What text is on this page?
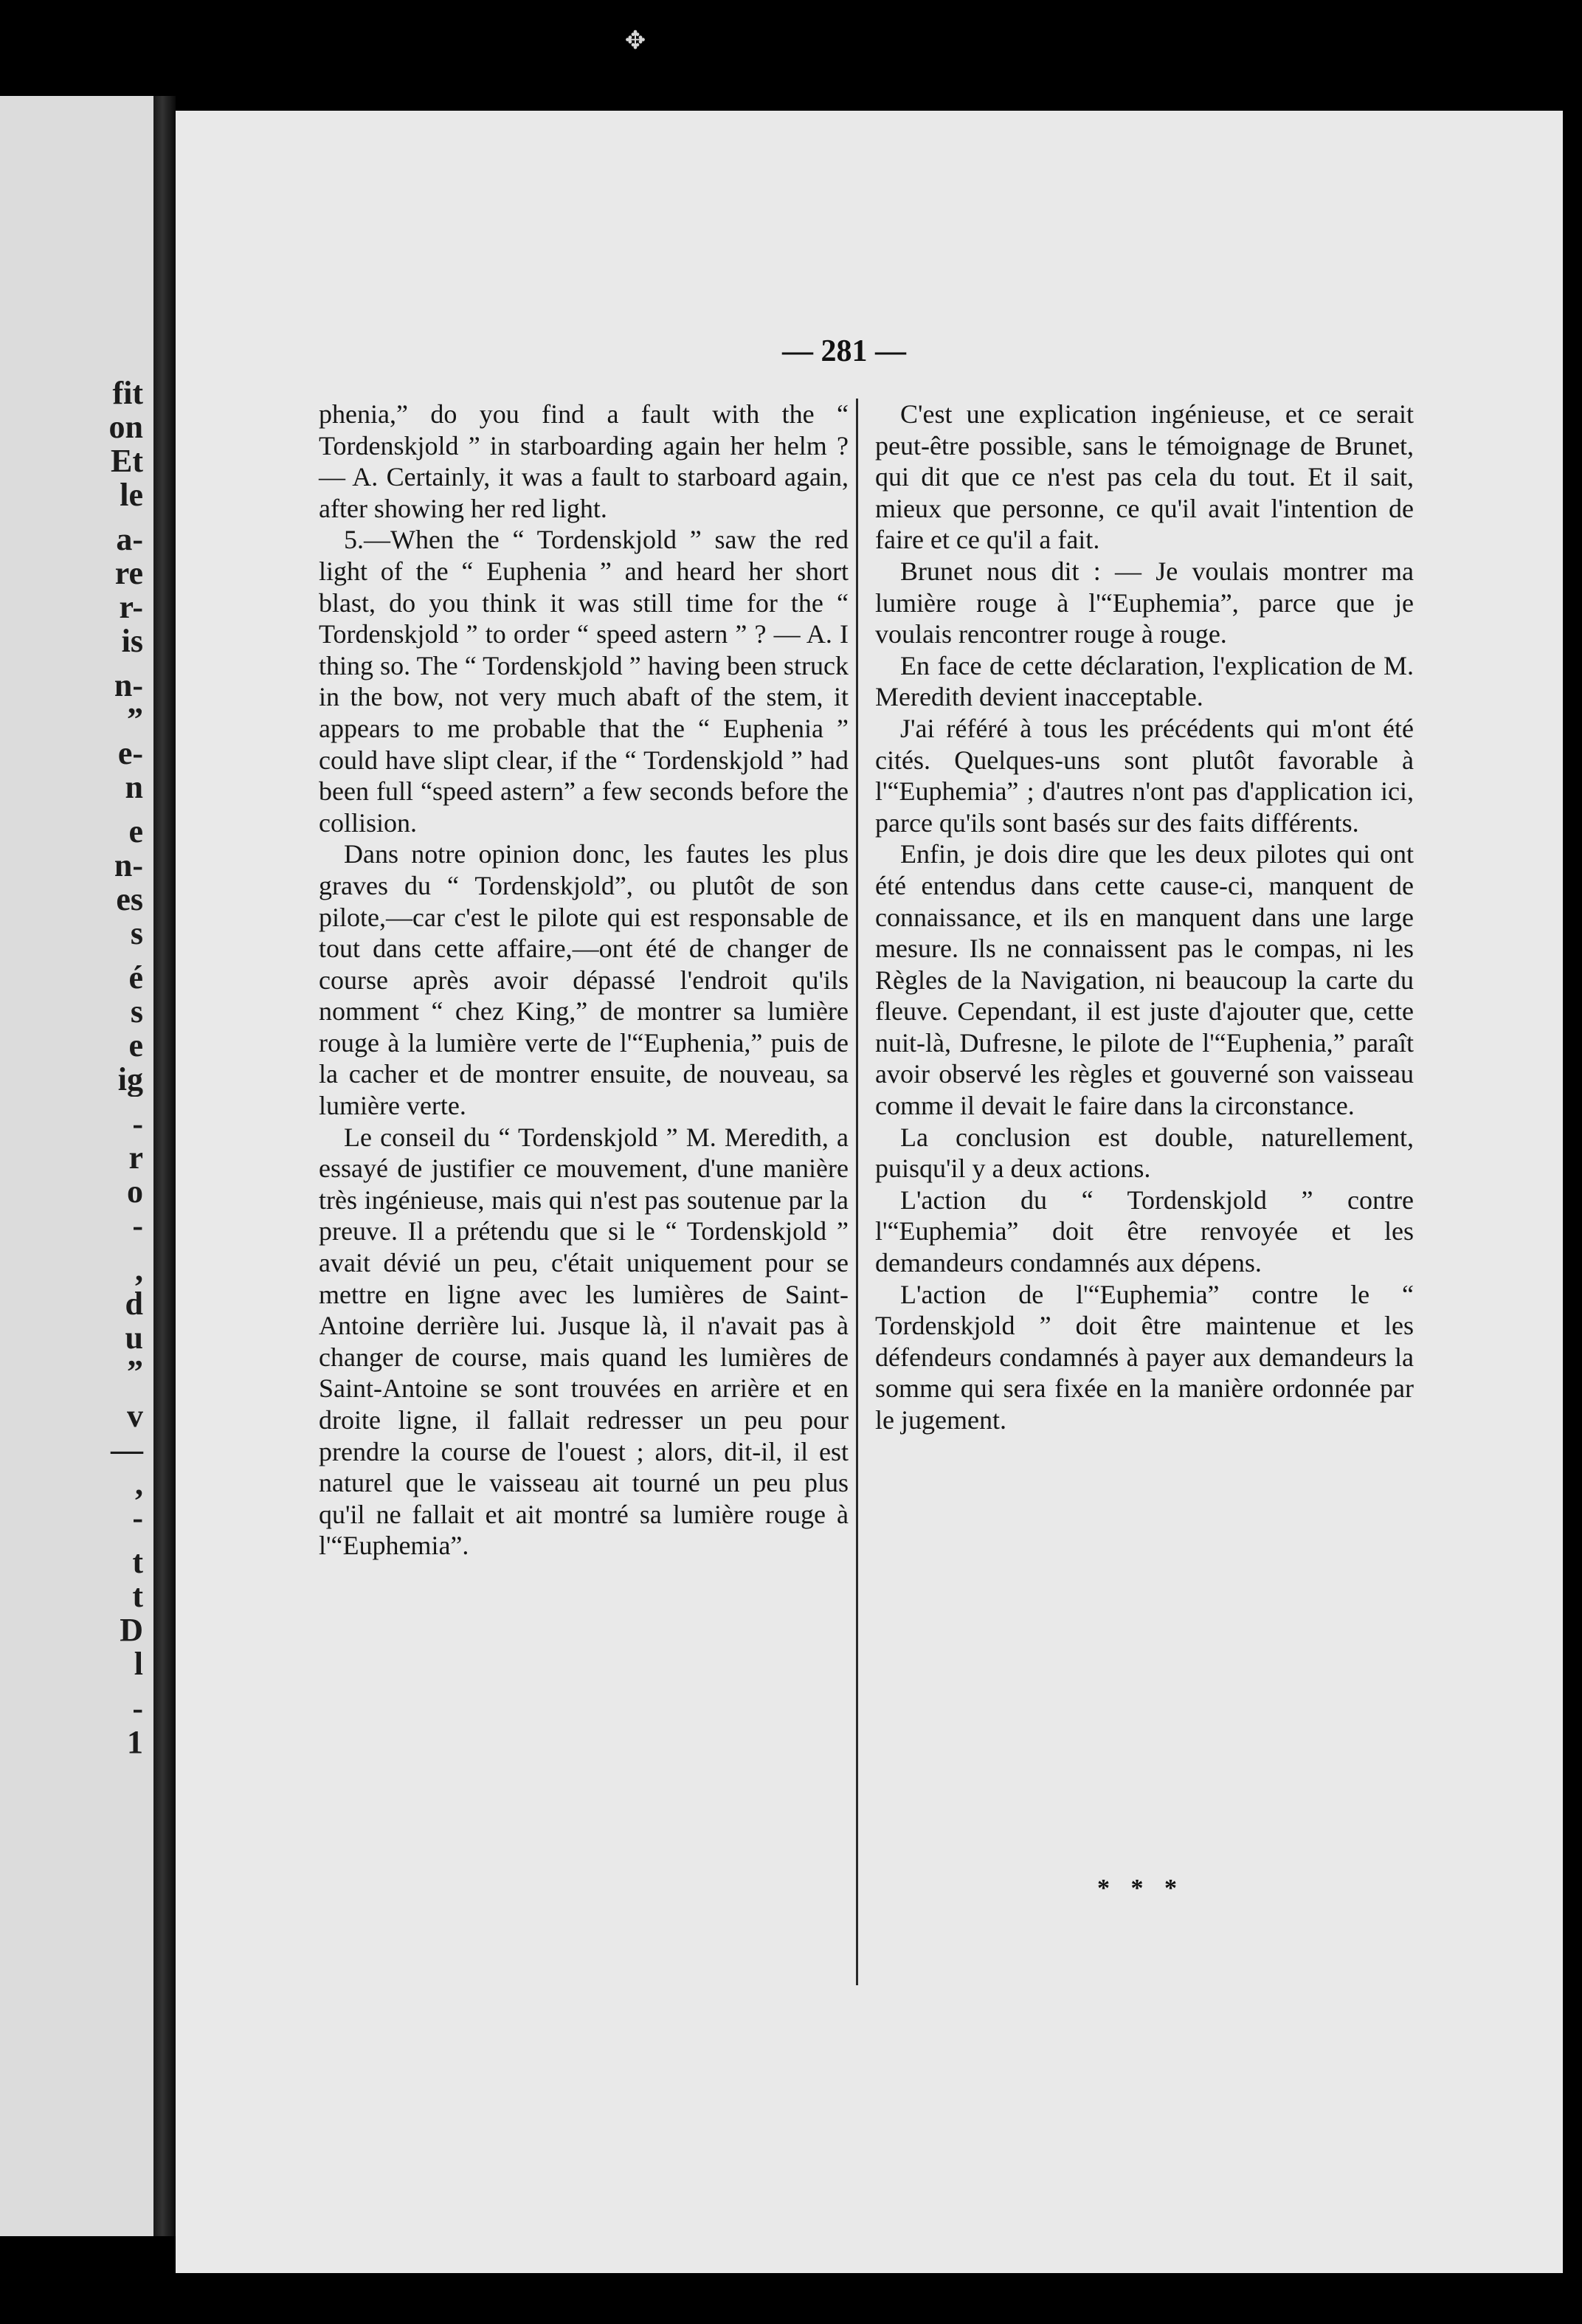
✥
fit
on
Et
le
a-
re
r-
is
n-
”
e-
n
e
n-
es
s
é
s
e
ig
-
r
o
-
,
d
u
”
v
—
,
-
t
t
D
l
-
1
— 281 —

phenia,” do you find a fault with the “ Tordenskjold ” in starboarding again her helm ? — A. Certainly, it was a fault to starboard again, after showing her red light.

5.—When the “ Tordenskjold ” saw the red light of the “ Euphenia ” and heard her short blast, do you think it was still time for the “ Tordenskjold ” to order “ speed astern ” ? — A. I thing so. The “ Tordenskjold ” having been struck in the bow, not very much abaft of the stem, it appears to me probable that the “ Euphenia ” could have slipt clear, if the “ Tordenskjold ” had been full “speed astern” a few seconds before the collision.

Dans notre opinion donc, les fautes les plus graves du “ Tordenskjold”, ou plutôt de son pilote,—car c'est le pilote qui est responsable de tout dans cette affaire,—ont été de changer de course après avoir dépassé l'endroit qu'ils nomment “ chez King,” de montrer sa lumière rouge à la lumière verte de l'“Euphenia,” puis de la cacher et de montrer ensuite, de nouveau, sa lumière verte.

Le conseil du “ Tordenskjold ” M. Meredith, a essayé de justifier ce mouvement, d'une manière très ingénieuse, mais qui n'est pas soutenue par la preuve. Il a prétendu que si le “ Tordenskjold ” avait dévié un peu, c'était uniquement pour se mettre en ligne avec les lumières de Saint-Antoine derrière lui. Jusque là, il n'avait pas à changer de course, mais quand les lumières de Saint-Antoine se sont trouvées en arrière et en droite ligne, il fallait redresser un peu pour prendre la course de l'ouest ; alors, dit-il, il est naturel que le vaisseau ait tourné un peu plus qu'il ne fallait et ait montré sa lumière rouge à l'“Euphemia”.

C'est une explication ingénieuse, et ce serait peut-être possible, sans le témoignage de Brunet, qui dit que ce n'est pas cela du tout. Et il sait, mieux que personne, ce qu'il avait l'intention de faire et ce qu'il a fait.

Brunet nous dit : — Je voulais montrer ma lumière rouge à l'“Euphemia”, parce que je voulais rencontrer rouge à rouge.

En face de cette déclaration, l'explication de M. Meredith devient inacceptable.

J'ai référé à tous les précédents qui m'ont été cités. Quelques-uns sont plutôt favorable à l'“Euphemia” ; d'autres n'ont pas d'application ici, parce qu'ils sont basés sur des faits différents.

Enfin, je dois dire que les deux pilotes qui ont été entendus dans cette cause-ci, manquent de connaissance, et ils en manquent dans une large mesure. Ils ne connaissent pas le compas, ni les Règles de la Navigation, ni beaucoup la carte du fleuve. Cependant, il est juste d'ajouter que, cette nuit-là, Dufresne, le pilote de l'“Euphenia,” paraît avoir observé les règles et gouverné son vaisseau comme il devait le faire dans la circonstance.

La conclusion est double, naturellement, puisqu'il y a deux actions.

L'action du “ Tordenskjold ” contre l'“Euphemia” doit être renvoyée et les demandeurs condamnés aux dépens.

L'action de l'“Euphemia” contre le “ Tordenskjold ” doit être maintenue et les défendeurs condamnés à payer aux demandeurs la somme qui sera fixée en la manière ordonnée par le jugement.

* * *
